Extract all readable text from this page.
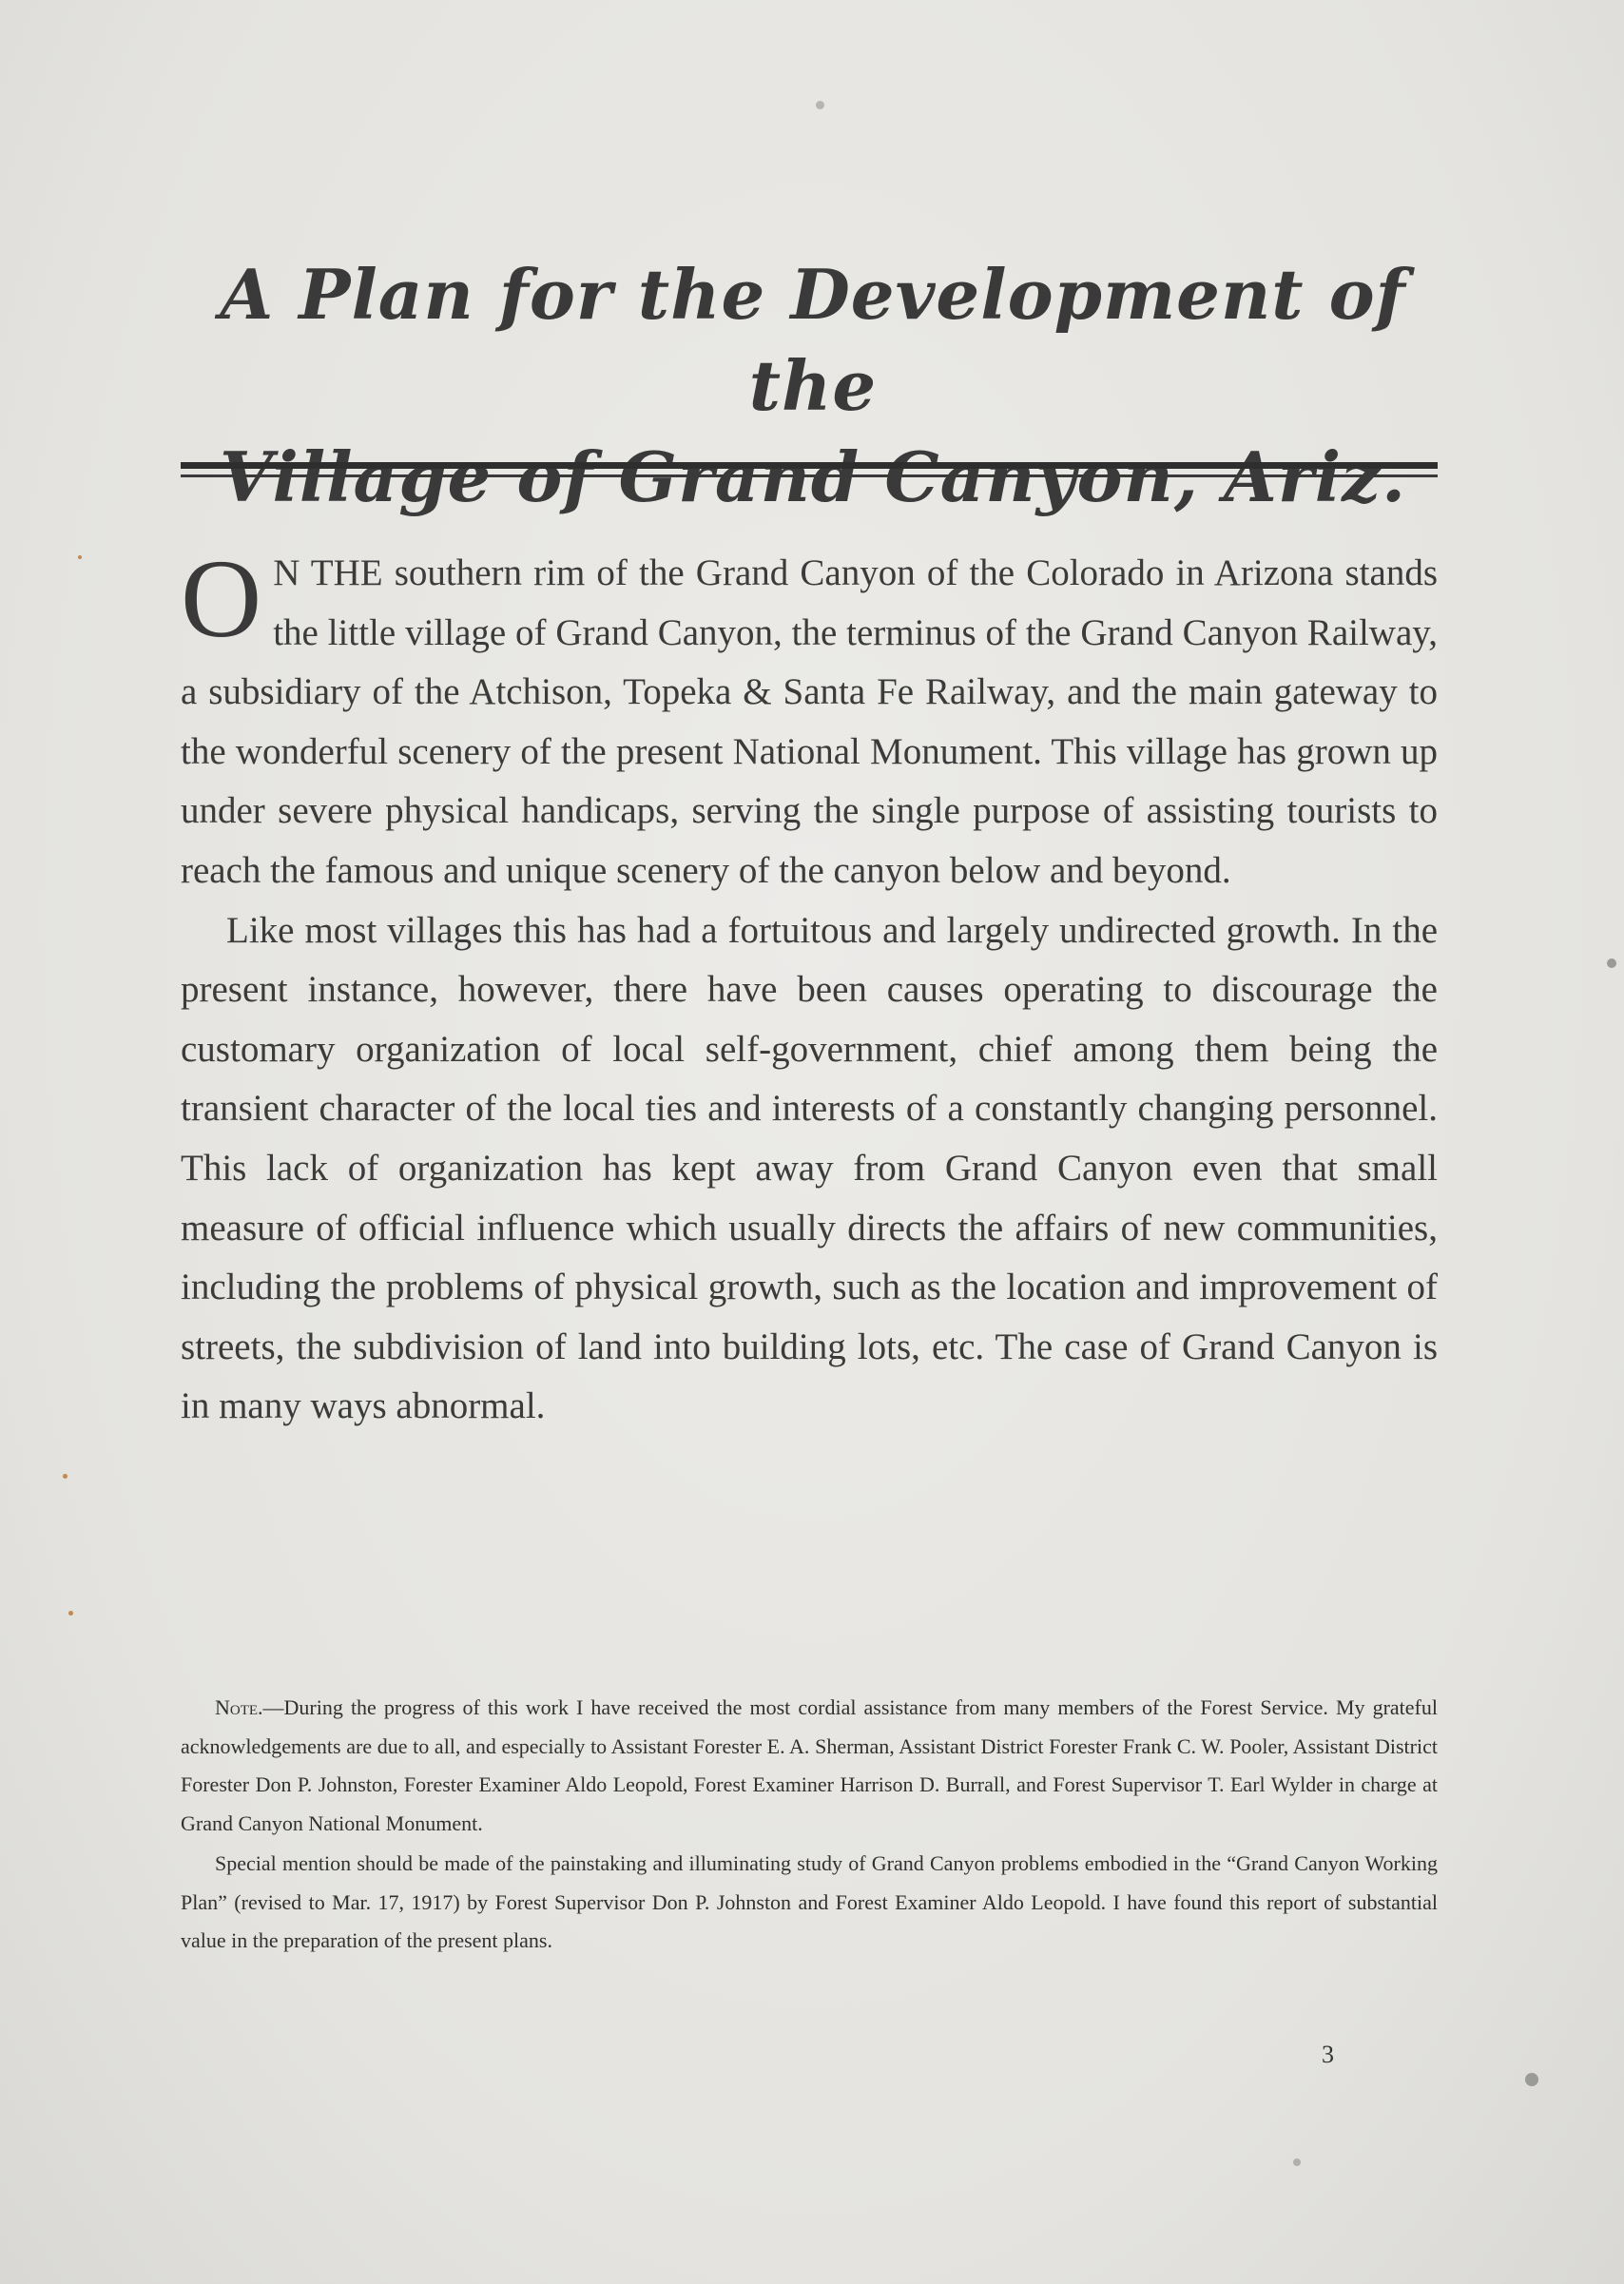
A Plan for the Development of the

O N THE southern rim of the Grand Canyon of the Colorado in Arizona stands the little village of Grand Canyon, the terminus of the Grand Canyon Railway, a subsidiary of the Atchison, Topeka & Santa Fe Railway, and the main gateway to the wonderful scenery of the present National Monument. This village has grown up under severe physical handicaps, serving the single purpose of assisting tourists to reach the famous and unique scenery of the canyon below and beyond.

Like most villages this has had a fortuitous and largely undirected growth. In the present instance, however, there have been causes operating to discourage the customary organization of local self-government, chief among them being the transient character of the local ties and interests of a constantly changing personnel. This lack of organization has kept away from Grand Canyon even that small measure of official influence which usually directs the affairs of new communities, including the problems of physical growth, such as the location and improvement of streets, the subdivision of land into building lots, etc. The case of Grand Canyon is in many ways abnormal.

Note.—During the progress of this work I have received the most cordial assistance from many members of the Forest Service. My grateful acknowledgements are due to all, and especially to Assistant Forester E. A. Sherman, Assistant District Forester Frank C. W. Pooler, Assistant District Forester Don P. Johnston, Forester Examiner Aldo Leopold, Forest Examiner Harrison D. Burrall, and Forest Supervisor T. Earl Wylder in charge at Grand Canyon National Monument.

Special mention should be made of the painstaking and illuminating study of Grand Canyon problems embodied in the “Grand Canyon Working Plan” (revised to Mar. 17, 1917) by Forest Supervisor Don P. Johnston and Forest Examiner Aldo Leopold. I have found this report of substantial value in the preparation of the present plans.

3
